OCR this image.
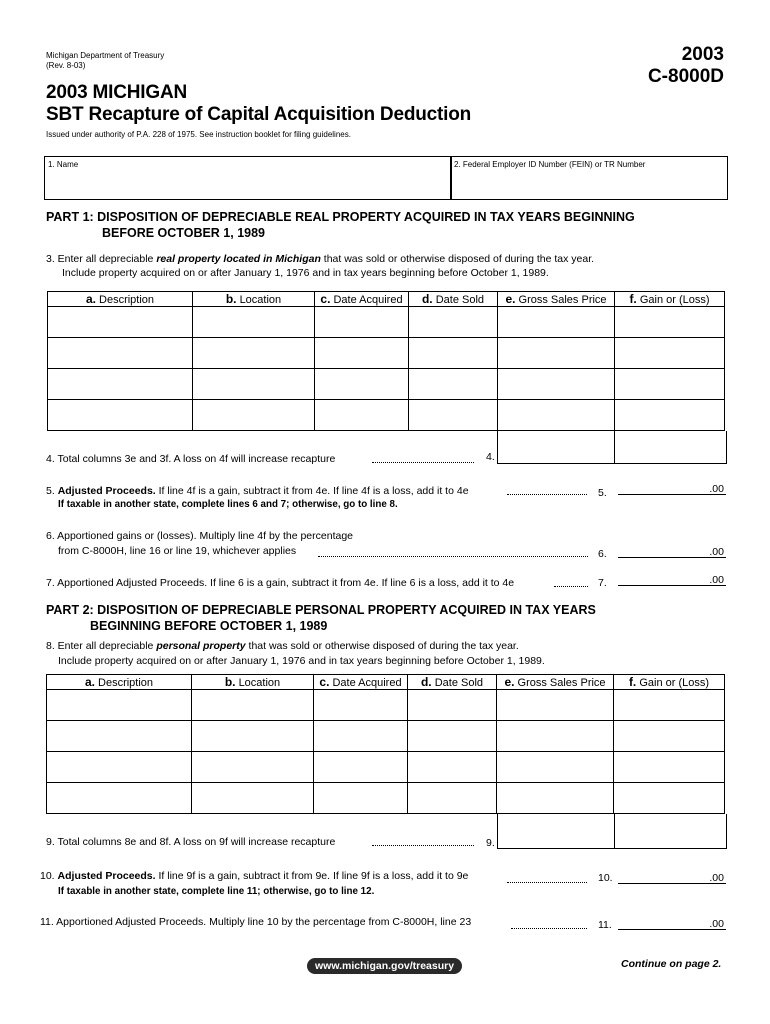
Michigan Department of Treasury
(Rev. 8-03)
2003
C-8000D
2003 MICHIGAN
SBT Recapture of Capital Acquisition Deduction
Issued under authority of P.A. 228 of 1975. See instruction booklet for filing guidelines.
1. Name	2. Federal Employer ID Number (FEIN) or TR Number
PART 1: DISPOSITION OF DEPRECIABLE REAL PROPERTY ACQUIRED IN TAX YEARS BEGINNING
BEFORE OCTOBER 1, 1989
3. Enter all depreciable real property located in Michigan that was sold or otherwise disposed of during the tax year.
Include property acquired on or after January 1, 1976 and in tax years beginning before October 1, 1989.
a. Description	b. Location	c. Date Acquired	d. Date Sold	e. Gross Sales Price	f. Gain or (Loss)

4. Total columns 3e and 3f. A loss on 4f will increase recapture	4.
5. Adjusted Proceeds. If line 4f is a gain, subtract it from 4e. If line 4f is a loss, add it to 4e
If taxable in another state, complete lines 6 and 7; otherwise, go to line 8.
5.	.00
6. Apportioned gains or (losses). Multiply line 4f by the percentage
from C-8000H, line 16 or line 19, whichever applies	6.	.00
7. Apportioned Adjusted Proceeds. If line 6 is a gain, subtract it from 4e. If line 6 is a loss, add it to 4e	7.	.00
PART 2: DISPOSITION OF DEPRECIABLE PERSONAL PROPERTY ACQUIRED IN TAX YEARS
BEGINNING BEFORE OCTOBER 1, 1989
8. Enter all depreciable personal property that was sold or otherwise disposed of during the tax year.
Include property acquired on or after January 1, 1976 and in tax years beginning before October 1, 1989.
a. Description	b. Location	c. Date Acquired	d. Date Sold	e. Gross Sales Price	f. Gain or (Loss)

9. Total columns 8e and 8f. A loss on 9f will increase recapture	9.
10. Adjusted Proceeds. If line 9f is a gain, subtract it from 9e. If line 9f is a loss, add it to 9e
If taxable in another state, complete line 11; otherwise, go to line 12.
10.	.00
11. Apportioned Adjusted Proceeds. Multiply line 10 by the percentage from C-8000H, line 23	11.	.00
www.michigan.gov/treasury	Continue on page 2.
